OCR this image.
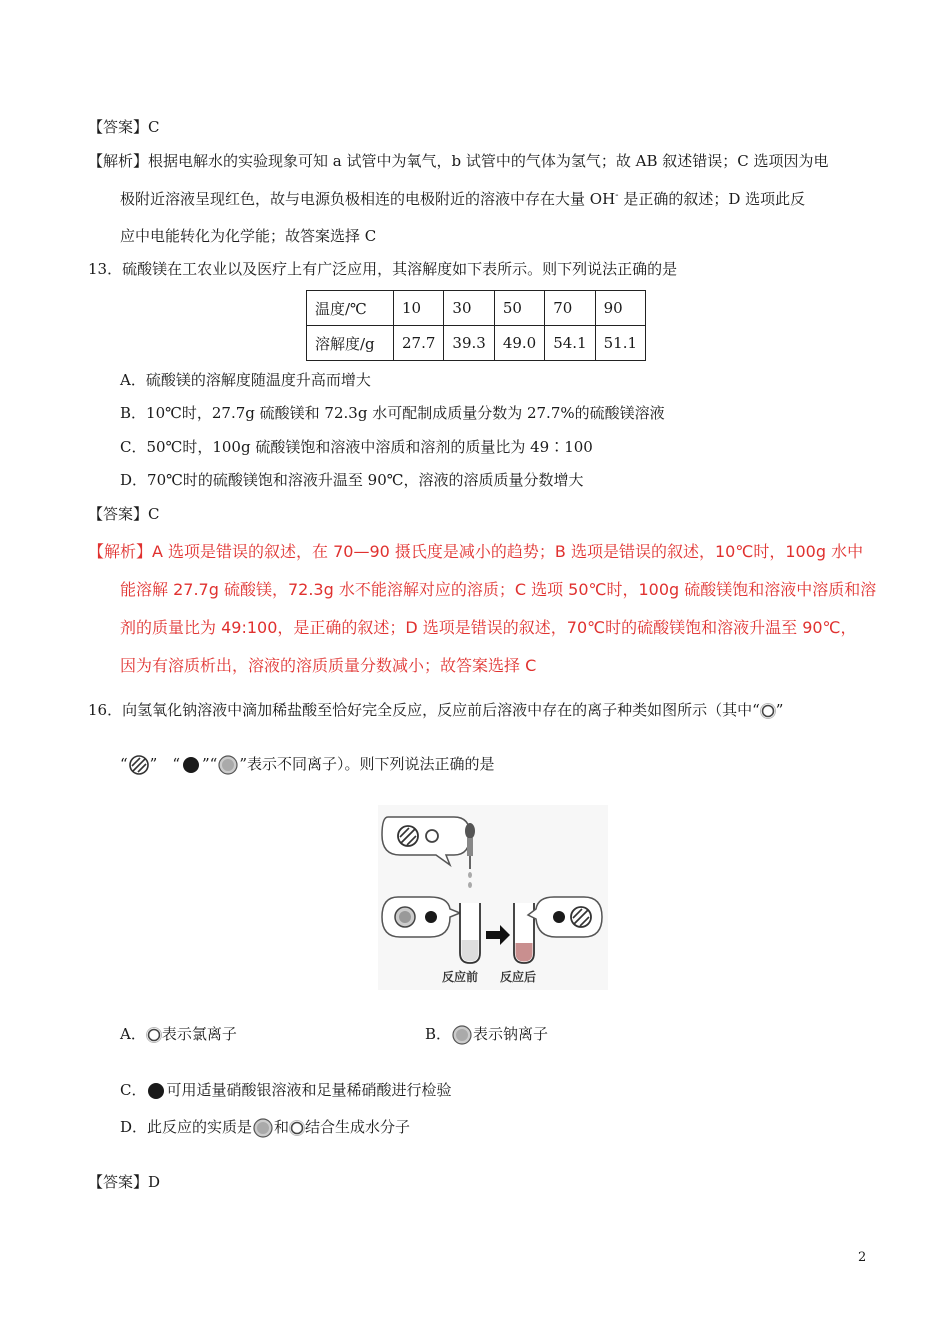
【答案】C
【解析】根据电解水的实验现象可知 a 试管中为氧气，b 试管中的气体为氢气；故 AB 叙述错误；C 选项因为电
极附近溶液呈现红色，故与电源负极相连的电极附近的溶液中存在大量 OH- 是正确的叙述；D 选项此反
应中电能转化为化学能；故答案选择 C
13．硫酸镁在工农业以及医疗上有广泛应用，其溶解度如下表所示。则下列说法正确的是
温度/℃	10	30	50	70	90
溶解度/g	27.7	39.3	49.0	54.1	51.1
A．硫酸镁的溶解度随温度升高而增大
B．10℃时，27.7g 硫酸镁和 72.3g 水可配制成质量分数为 27.7%的硫酸镁溶液
C．50℃时，100g 硫酸镁饱和溶液中溶质和溶剂的质量比为 49∶100
D．70℃时的硫酸镁饱和溶液升温至 90℃，溶液的溶质质量分数增大
【答案】C
【解析】A 选项是错误的叙述，在 70—90 摄氏度是减小的趋势；B 选项是错误的叙述，10℃时，100g 水中
能溶解 27.7g 硫酸镁，72.3g 水不能溶解对应的溶质；C 选项 50℃时，100g 硫酸镁饱和溶液中溶质和溶
剂的质量比为 49:100，是正确的叙述；D 选项是错误的叙述，70℃时的硫酸镁饱和溶液升温至 90℃，
因为有溶质析出，溶液的溶质质量分数减小；故答案选择 C
16．向氢氧化钠溶液中滴加稀盐酸至恰好完全反应，反应前后溶液中存在的离子种类如图所示（其中“ ”
“ ”　“ ”“ ”表示不同离子）。则下列说法正确的是
反应前 反应后
A． 表示氯离子	B． 表示钠离子
C． 可用适量硝酸银溶液和足量稀硝酸进行检验
D．此反应的实质是 和 结合生成水分子
【答案】D
2
